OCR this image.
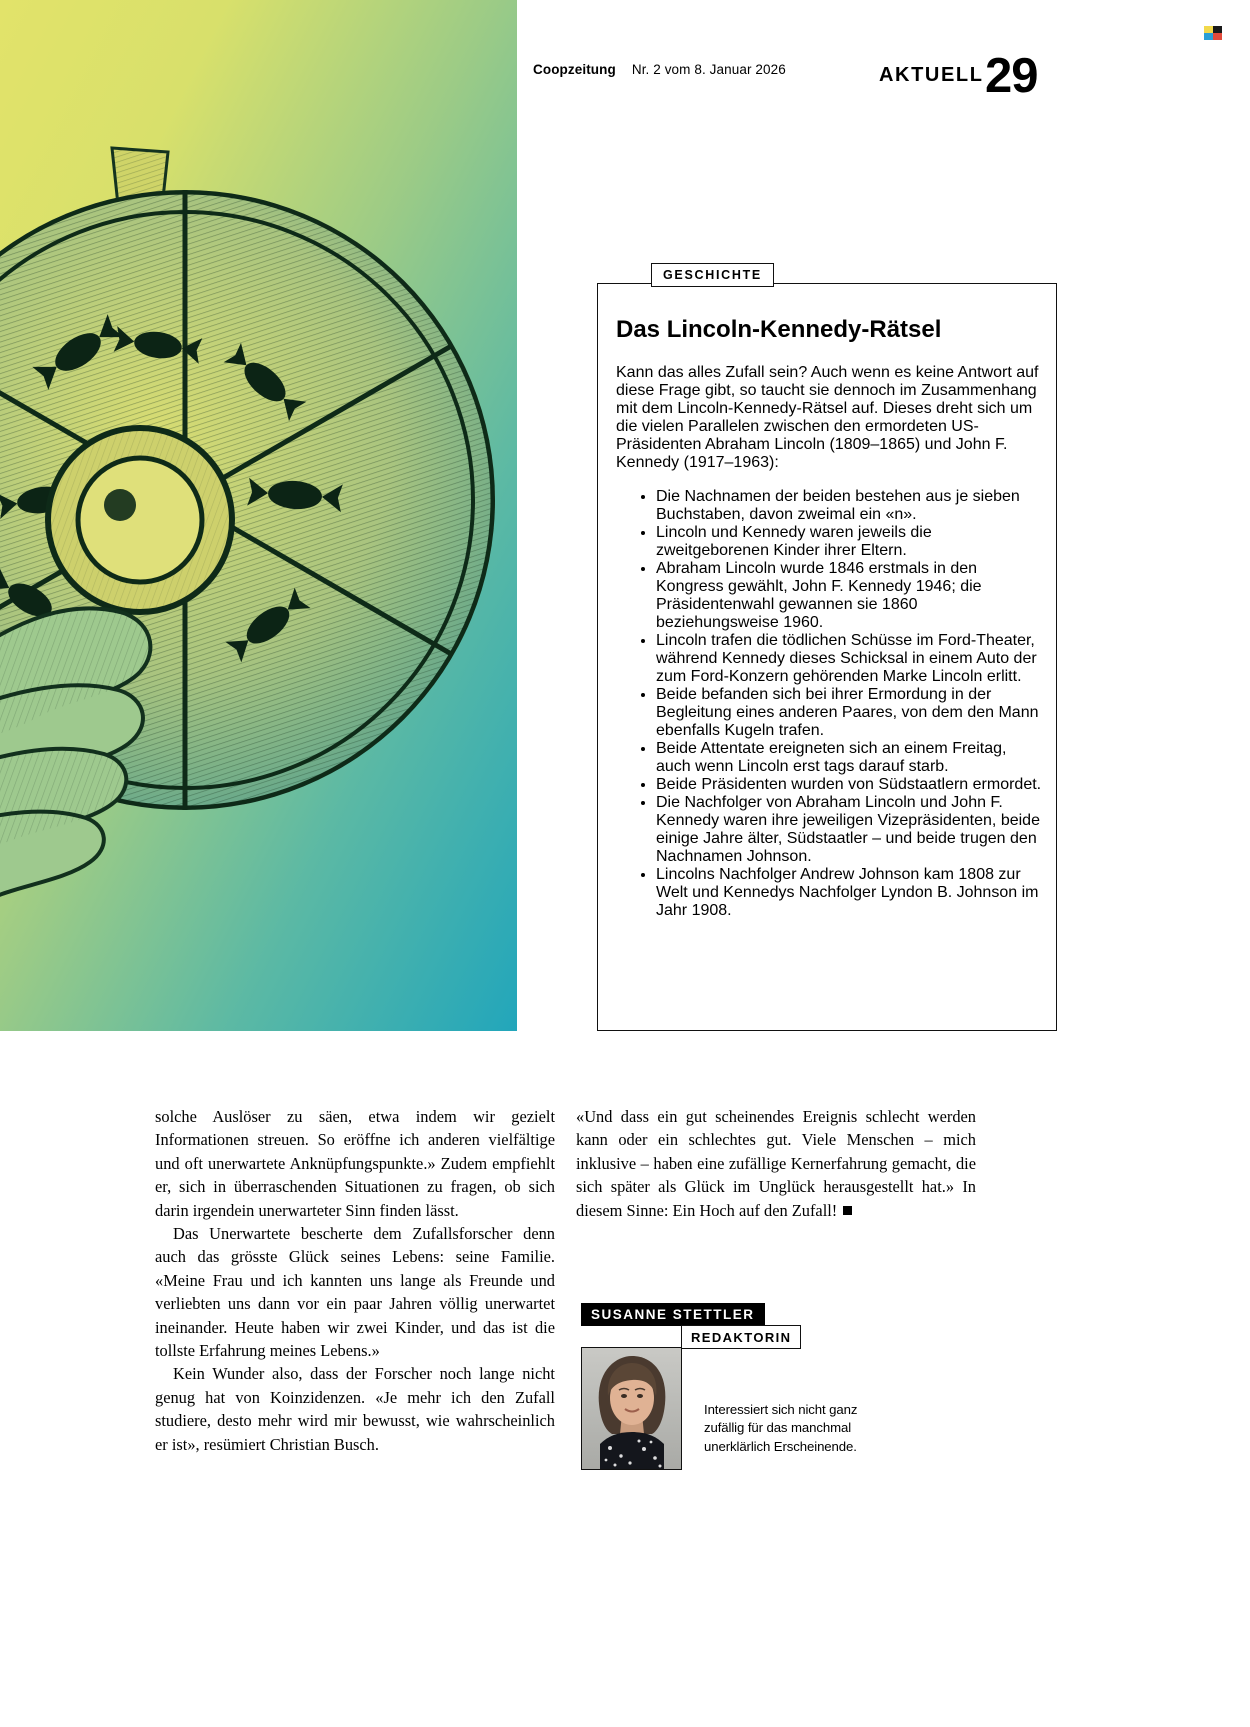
Coopzeitung Nr. 2 vom 8. Januar 2026	AKTUELL 29
GESCHICHTE
Das Lincoln-Kennedy-Rätsel

Kann das alles Zufall sein? Auch wenn es keine Antwort auf diese Frage gibt, so taucht sie dennoch im Zusammenhang mit dem Lincoln-Kennedy-Rätsel auf. Dieses dreht sich um die vielen Parallelen zwischen den ermordeten US-Präsidenten Abraham Lincoln (1809–1865) und John F. Kennedy (1917–1963):

• Die Nachnamen der beiden bestehen aus je sieben Buchstaben, davon zweimal ein «n».
• Lincoln und Kennedy waren jeweils die zweitgeborenen Kinder ihrer Eltern.
• Abraham Lincoln wurde 1846 erstmals in den Kongress gewählt, John F. Kennedy 1946; die Präsidentenwahl gewannen sie 1860 beziehungsweise 1960.
• Lincoln trafen die tödlichen Schüsse im Ford-Theater, während Kennedy dieses Schicksal in einem Auto der zum Ford-Konzern gehörenden Marke Lincoln erlitt.
• Beide befanden sich bei ihrer Ermordung in der Begleitung eines anderen Paares, von dem den Mann ebenfalls Kugeln trafen.
• Beide Attentate ereigneten sich an einem Freitag, auch wenn Lincoln erst tags darauf starb.
• Beide Präsidenten wurden von Südstaatlern ermordet.
• Die Nachfolger von Abraham Lincoln und John F. Kennedy waren ihre jeweiligen Vizepräsidenten, beide einige Jahre älter, Südstaatler – und beide trugen den Nachnamen Johnson.
• Lincolns Nachfolger Andrew Johnson kam 1808 zur Welt und Kennedys Nachfolger Lyndon B. Johnson im Jahr 1908.

solche Auslöser zu säen, etwa indem wir gezielt Informationen streuen. So eröffne ich anderen vielfältige und oft unerwartete Anknüpfungspunkte.» Zudem empfiehlt er, sich in überraschenden Situationen zu fragen, ob sich darin irgendein unerwarteter Sinn finden lässt.

Das Unerwartete bescherte dem Zufallsforscher denn auch das grösste Glück seines Lebens: seine Familie. «Meine Frau und ich kannten uns lange als Freunde und verliebten uns dann vor ein paar Jahren völlig unerwartet ineinander. Heute haben wir zwei Kinder, und das ist die tollste Erfahrung meines Lebens.»

Kein Wunder also, dass der Forscher noch lange nicht genug hat von Koinzidenzen. «Je mehr ich den Zufall studiere, desto mehr wird mir bewusst, wie wahrscheinlich er ist», resümiert Christian Busch.

«Und dass ein gut scheinendes Ereignis schlecht werden kann oder ein schlechtes gut. Viele Menschen – mich inklusive – haben eine zufällige Kernerfahrung gemacht, die sich später als Glück im Unglück herausgestellt hat.» In diesem Sinne: Ein Hoch auf den Zufall!

SUSANNE STETTLER
REDAKTORIN
Interessiert sich nicht ganz zufällig für das manchmal unerklärlich Erscheinende.
